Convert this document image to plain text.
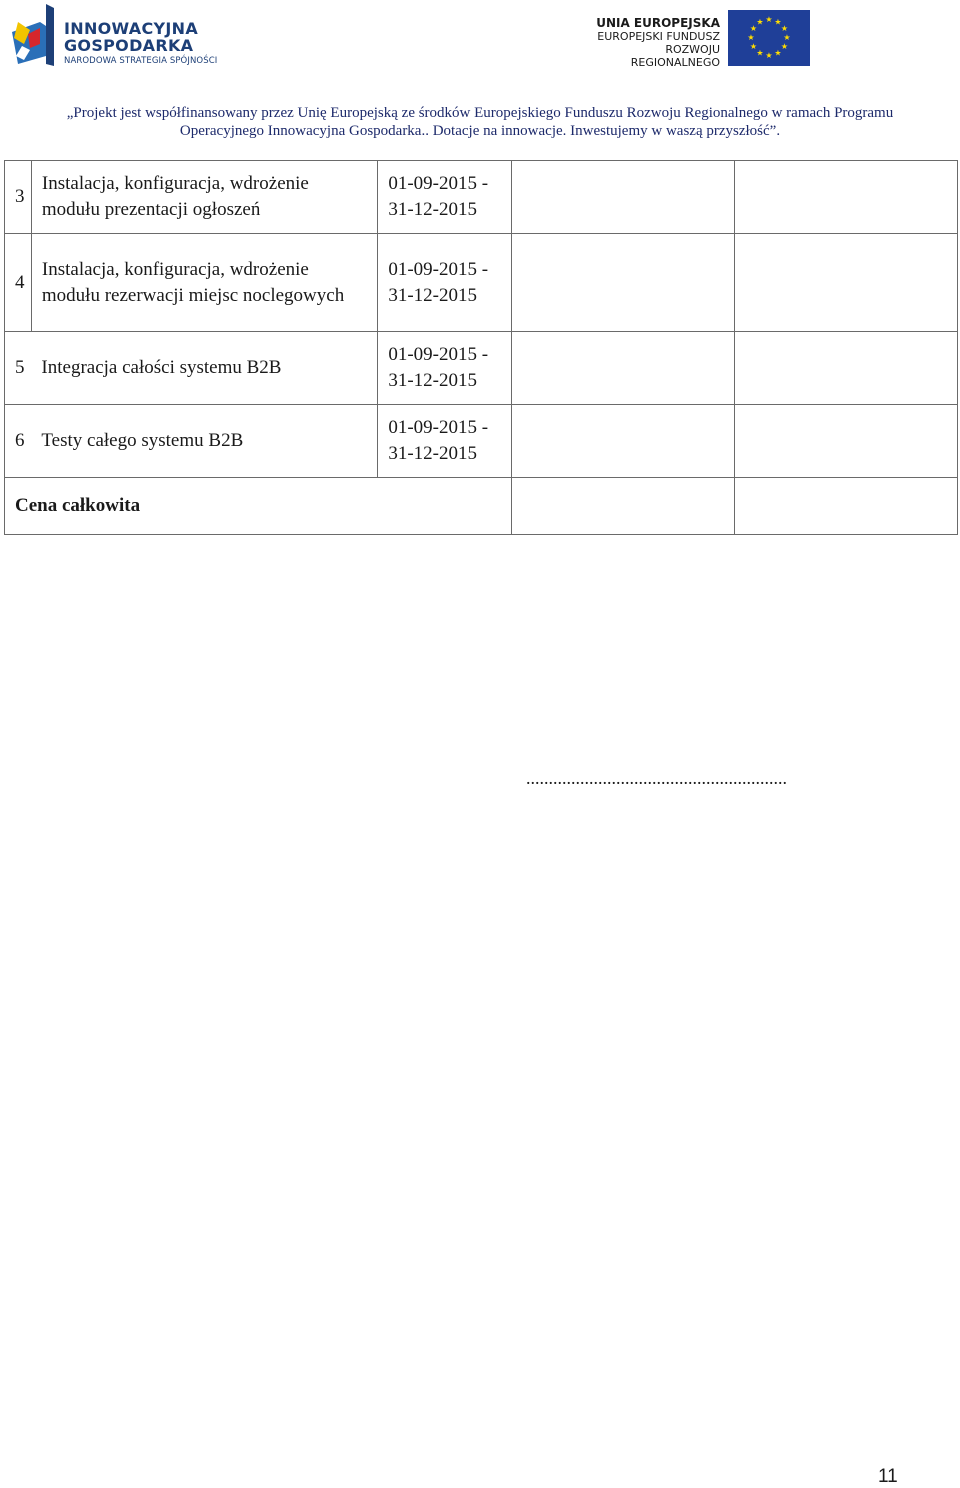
INNOWACYJNA
GOSPODARKA
NARODOWA STRATEGIA SPÓJNOŚCI
UNIA EUROPEJSKA
EUROPEJSKI FUNDUSZ
ROZWOJU REGIONALNEGO
★ ★
★
★
★
★
★
★
★
★
★
★
„Projekt jest współfinansowany przez Unię Europejską ze środków Europejskiego Funduszu Rozwoju Regionalnego w ramach Programu
Operacyjnego Innowacyjna Gospodarka.. Dotacje na innowacje. Inwestujemy w waszą przyszłość”.
3	Instalacja, konfiguracja, wdrożenie modułu prezentacji ogłoszeń	01-09-2015 -
31-12-2015		

4	Instalacja, konfiguracja, wdrożenie modułu rezerwacji miejsc noclegowych	01-09-2015 -
31-12-2015		

5	Integracja całości systemu B2B	01-09-2015 -
31-12-2015		

6	Testy całego systemu B2B	01-09-2015 -
31-12-2015		

Cena całkowita				
..........................................................
11
